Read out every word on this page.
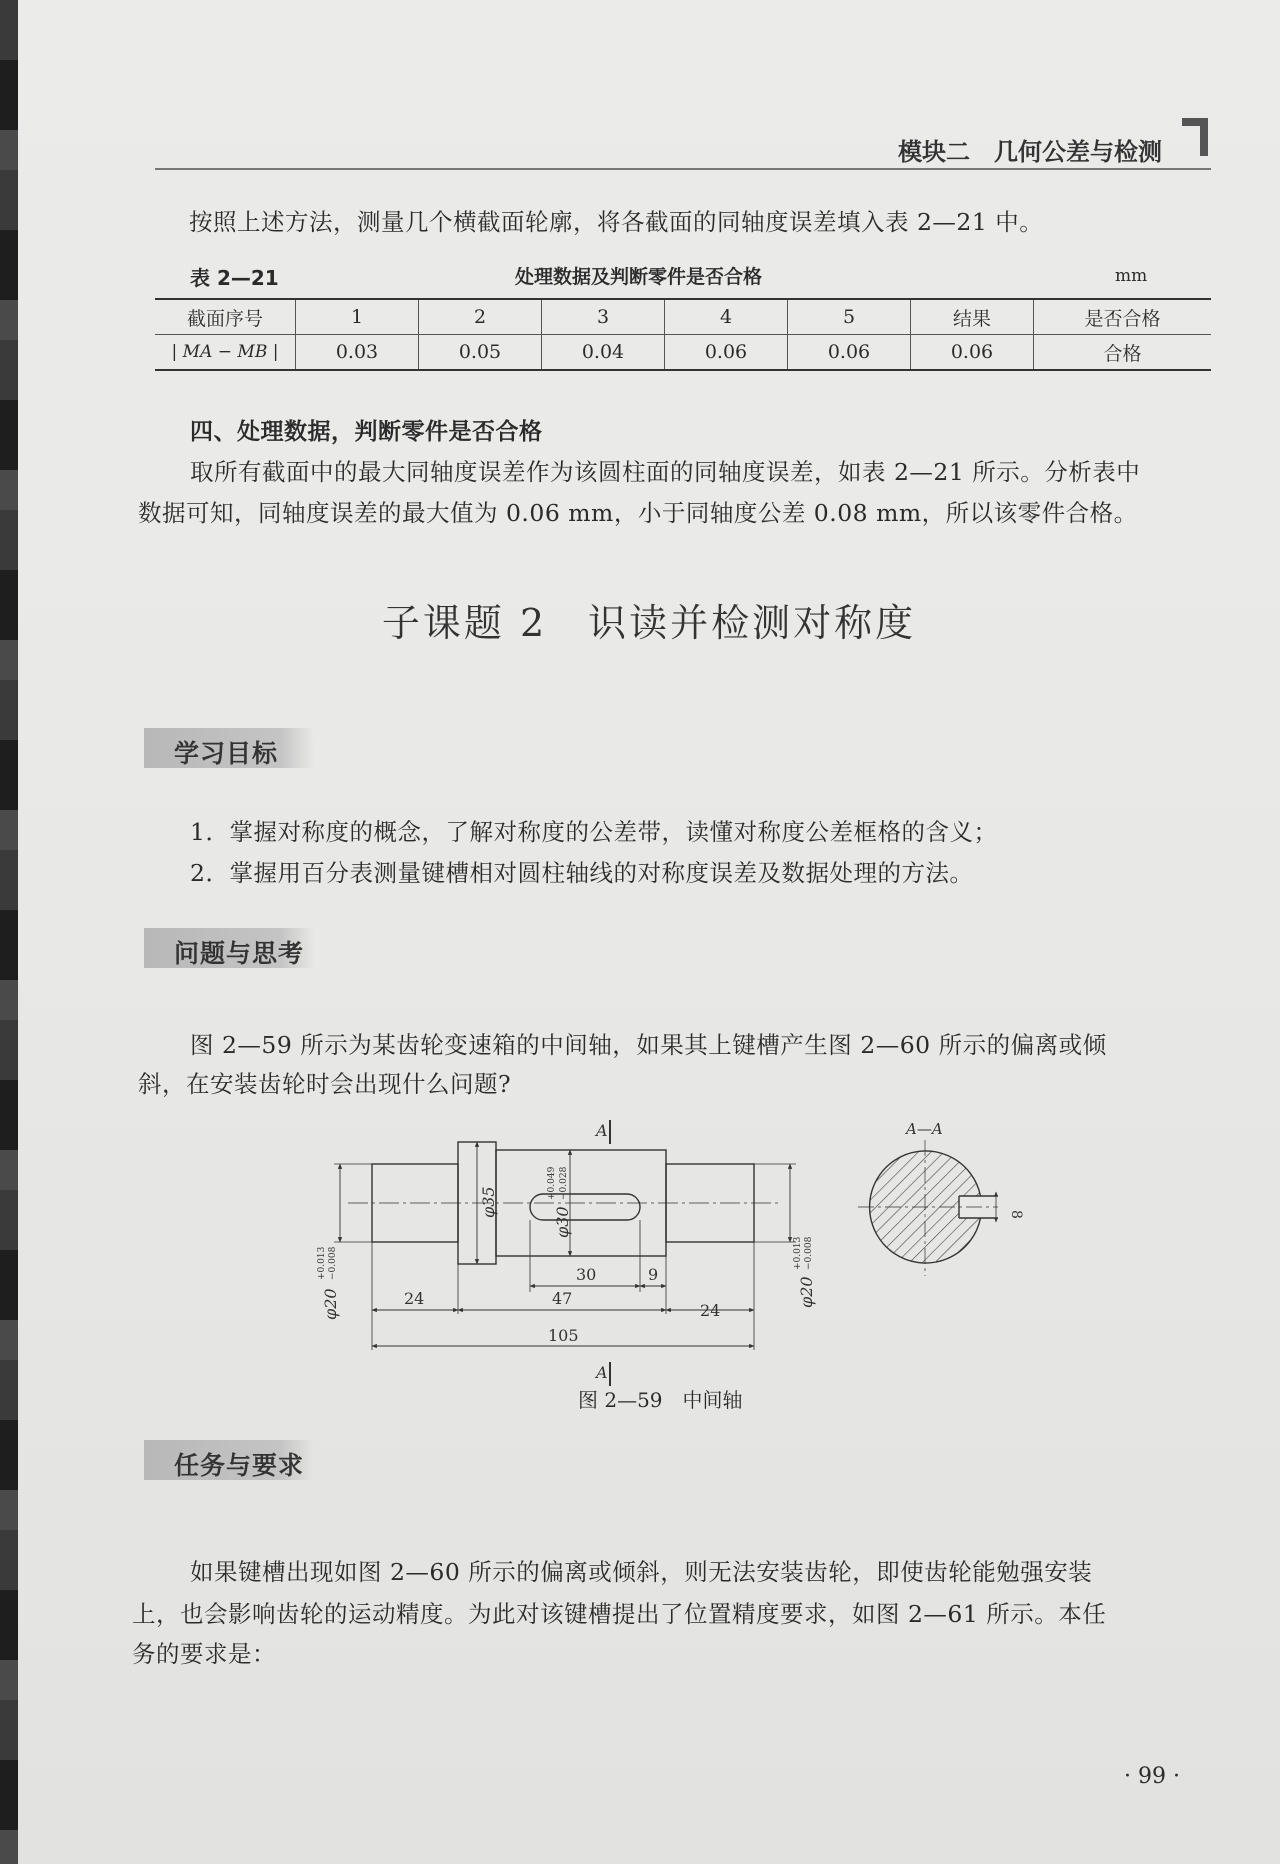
模块二　 几何公差与检测
按照上述方法，测量几个横截面轮廓，将各截面的同轴度误差填入表 2—21 中。
表 2—21	处理数据及判断零件是否合格	mm
截面序号	1	2	3	4	5	结果	是否合格
| MA − MB |	0.03	0.05	0.04	0.06	0.06	0.06	合格
四、处理数据，判断零件是否合格
取所有截面中的最大同轴度误差作为该圆柱面的同轴度误差，如表 2—21 所示。分析表中
数据可知，同轴度误差的最大值为 0.06 mm，小于同轴度公差 0.08 mm，所以该零件合格。
子课题 2　识读并检测对称度
学习目标
1．掌握对称度的概念，了解对称度的公差带，读懂对称度公差框格的含义；
2．掌握用百分表测量键槽相对圆柱轴线的对称度误差及数据处理的方法。
问题与思考
图 2—59 所示为某齿轮变速箱的中间轴，如果其上键槽产生图 2—60 所示的偏离或倾
斜，在安装齿轮时会出现什么问题?
A
A
A—A
24	47
24
105
30	9
8
φ35
φ30
+0.049 −0.028
φ20
+0.013 −0.008
φ20
+0.013 −0.008
图 2—59　 中间轴
任务与要求
如果键槽出现如图 2—60 所示的偏离或倾斜，则无法安装齿轮，即使齿轮能勉强安装
上，也会影响齿轮的运动精度。为此对该键槽提出了位置精度要求，如图 2—61 所示。本任
务的要求是：
· 99 ·
